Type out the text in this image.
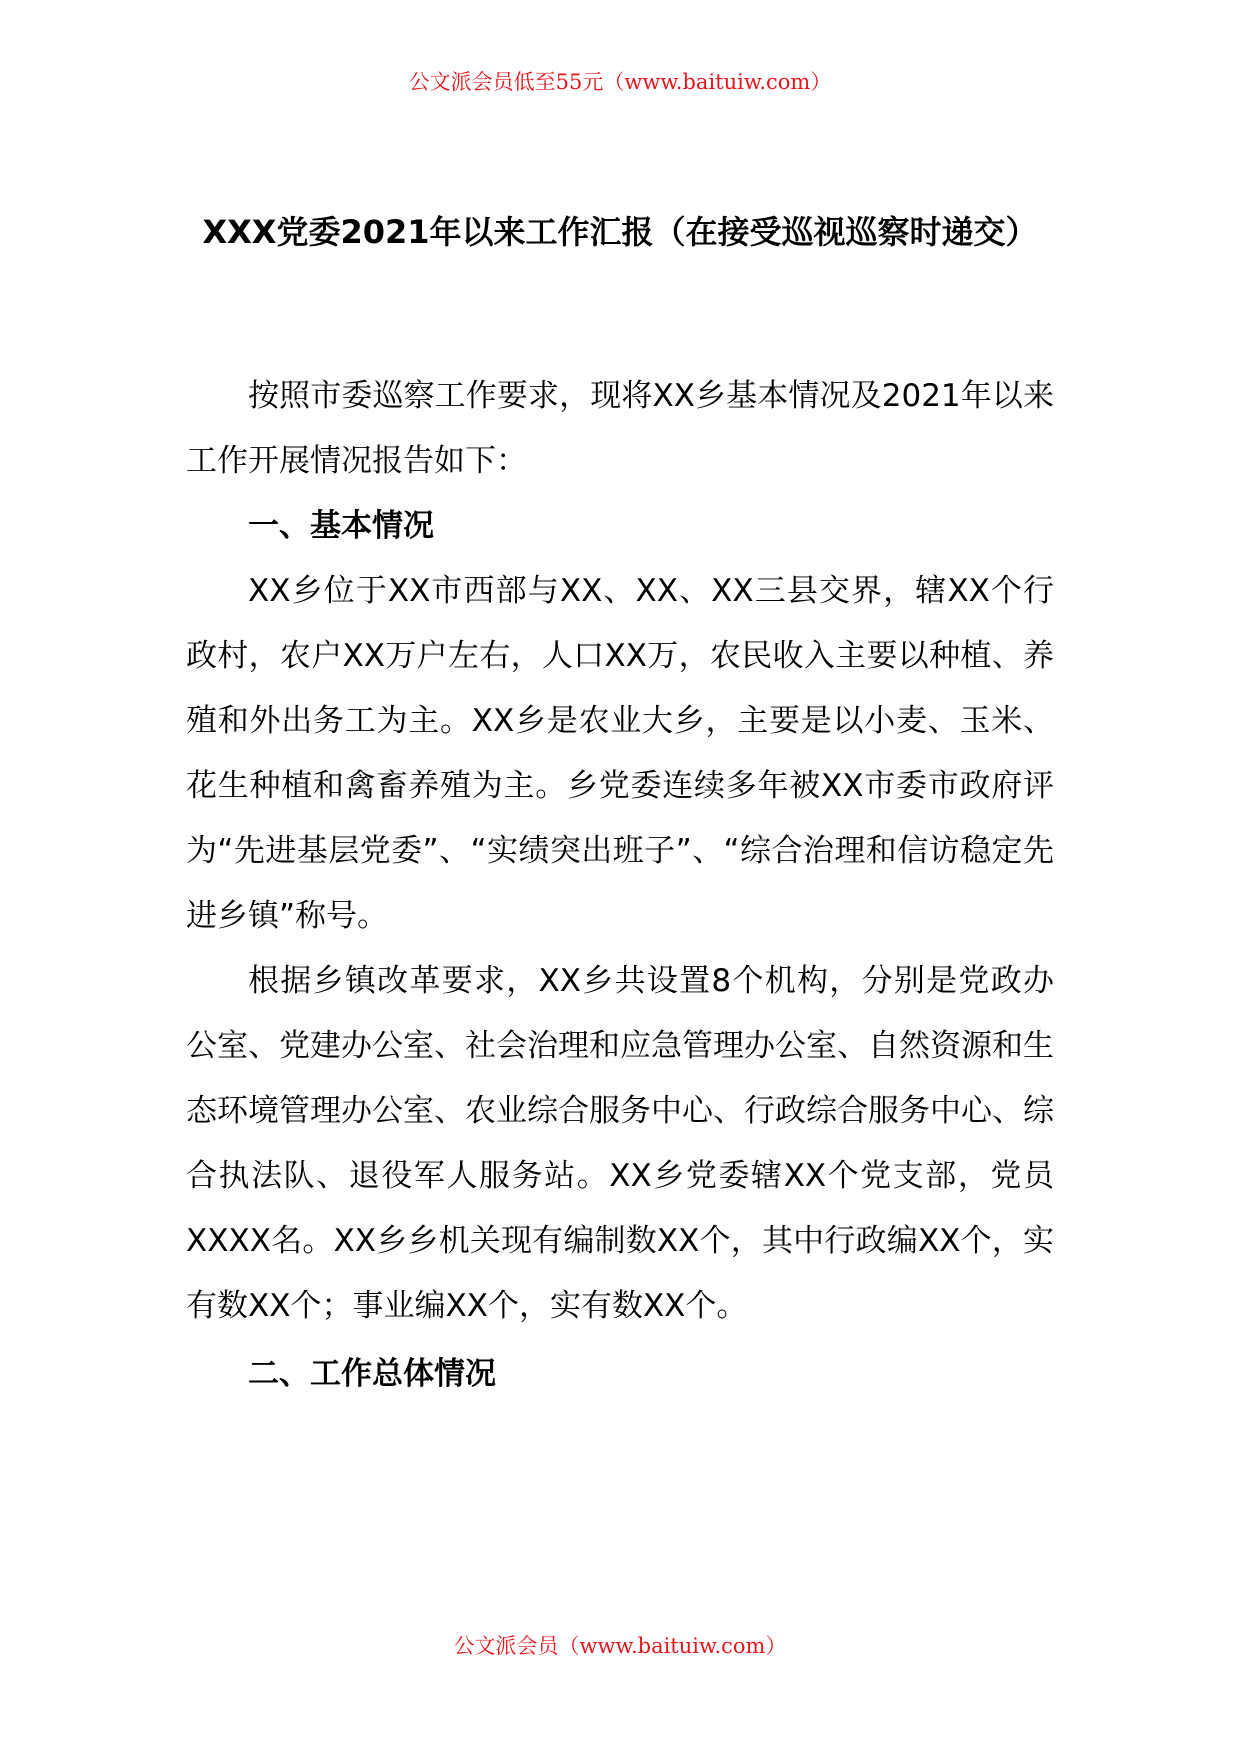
公文派会员低至55元（www.baituiw.com）
XXX党委2021年以来工作汇报（在接受巡视巡察时递交）

按照市委巡察工作要求，现将XX乡基本情况及2021年以来工作开展情况报告如下：

一、基本情况

XX乡位于XX市西部与XX、XX、XX三县交界，辖XX个行政村，农户XX万户左右，人口XX万，农民收入主要以种植、养殖和外出务工为主。XX乡是农业大乡，主要是以小麦、玉米、花生种植和禽畜养殖为主。乡党委连续多年被XX市委市政府评为“先进基层党委”、“实绩突出班子”、“综合治理和信访稳定先进乡镇”称号。

根据乡镇改革要求，XX乡共设置8个机构，分别是党政办公室、党建办公室、社会治理和应急管理办公室、自然资源和生态环境管理办公室、农业综合服务中心、行政综合服务中心、综合执法队、退役军人服务站。XX乡党委辖XX个党支部，党员XXXX名。XX乡乡机关现有编制数XX个，其中行政编XX个，实有数XX个；事业编XX个，实有数XX个。

二、工作总体情况

公文派会员（www.baituiw.com）
